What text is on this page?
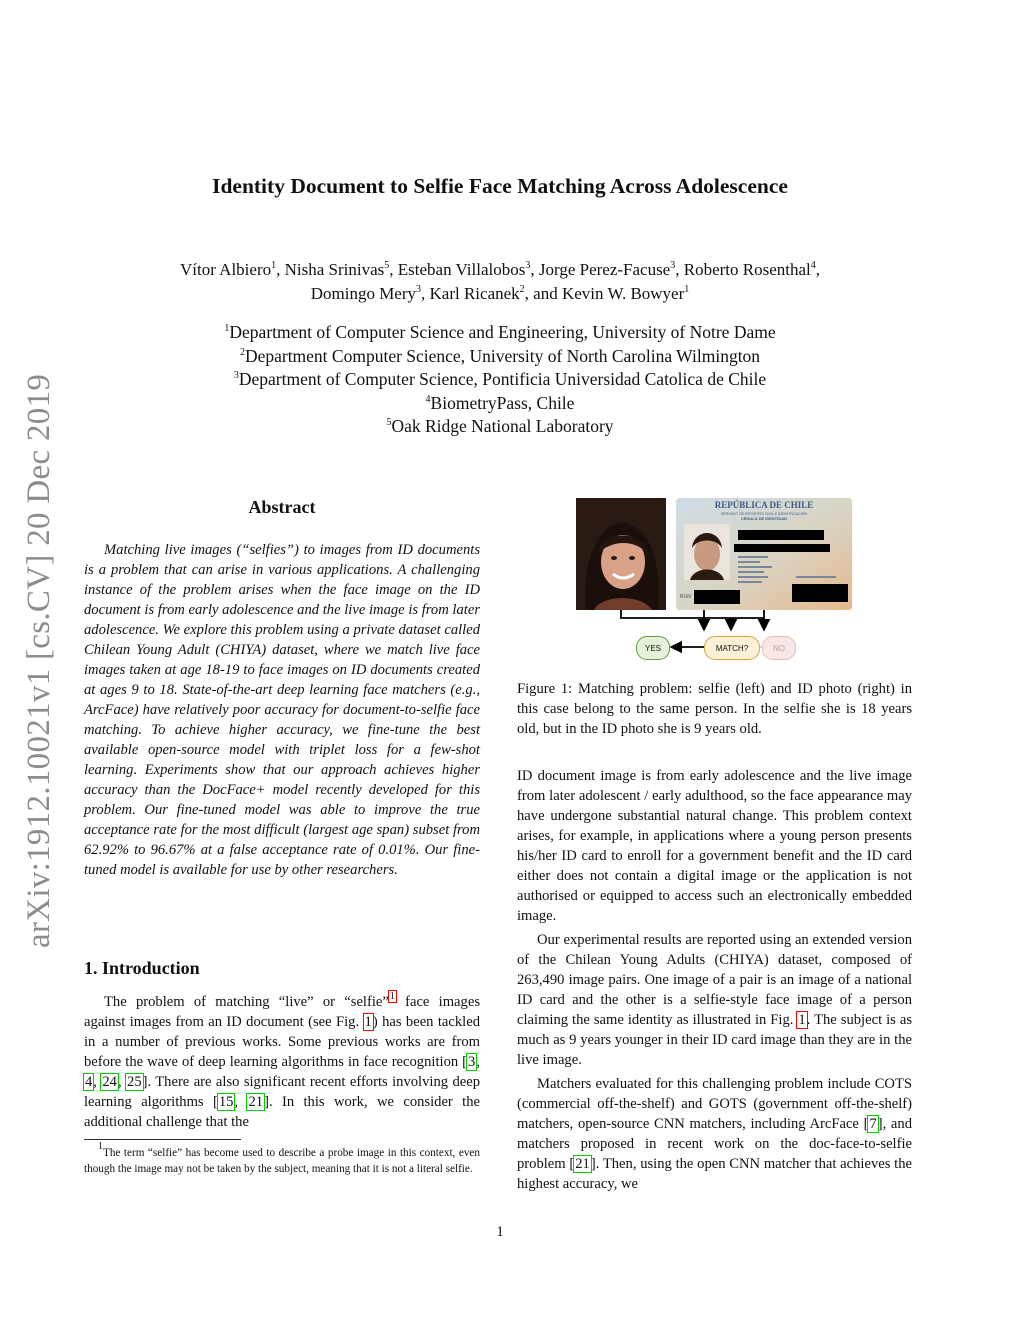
arXiv:1912.10021v1 [cs.CV] 20 Dec 2019
Identity Document to Selfie Face Matching Across Adolescence
Vítor Albiero$^1$, Nisha Srinivas$^5$, Esteban Villalobos$^3$, Jorge Perez-Facuse$^3$, Roberto Rosenthal$^4$,
Domingo Mery$^3$, Karl Ricanek$^2$, and Kevin W. Bowyer$^1$
$^1$Department of Computer Science and Engineering, University of Notre Dame
$^2$Department Computer Science, University of North Carolina Wilmington
$^3$Department of Computer Science, Pontificia Universidad Catolica de Chile
$^4$BiometryPass, Chile
$^5$Oak Ridge National Laboratory
Abstract

Matching live images (“selfies”) to images from ID documents is a problem that can arise in various applications. A challenging instance of the problem arises when the face image on the ID document is from early adolescence and the live image is from later adolescence. We explore this problem using a private dataset called Chilean Young Adult (CHIYA) dataset, where we match live face images taken at age 18-19 to face images on ID documents created at ages 9 to 18. State-of-the-art deep learning face matchers (e.g., ArcFace) have relatively poor accuracy for document-to-selfie face matching. To achieve higher accuracy, we fine-tune the best available open-source model with triplet loss for a few-shot learning. Experiments show that our approach achieves higher accuracy than the DocFace+ model recently developed for this problem. Our fine-tuned model was able to improve the true acceptance rate for the most difficult (largest age span) subset from 62.92% to 96.67% at a false acceptance rate of 0.01%. Our fine-tuned model is available for use by other researchers.

1. Introduction

The problem of matching “live” or “selfie”$^1$ face images against images from an ID document (see Fig. 1) has been tackled in a number of previous works. Some previous works are from before the wave of deep learning algorithms in face recognition [3, 4, 24, 25]. There are also significant recent efforts involving deep learning algorithms [15, 21]. In this work, we consider the additional challenge that the

$^1$The term “selfie” has become used to describe a probe image in this context, even though the image may not be taken by the subject, meaning that it is not a literal selfie.

REPÚBLICA DE CHILE
SERVICIO DE REGISTRO CIVIL E IDENTIFICACIÓN
CÉDULA DE IDENTIDAD
RUN
YES	MATCH?	NO

Figure 1: Matching problem: selfie (left) and ID photo (right) in this case belong to the same person. In the selfie she is 18 years old, but in the ID photo she is 9 years old.

ID document image is from early adolescence and the live image from later adolescent / early adulthood, so the face appearance may have undergone substantial natural change. This problem context arises, for example, in applications where a young person presents his/her ID card to enroll for a government benefit and the ID card either does not contain a digital image or the application is not authorised or equipped to access such an electronically embedded image.

Our experimental results are reported using an extended version of the Chilean Young Adults (CHIYA) dataset, composed of 263,490 image pairs. One image of a pair is an image of a national ID card and the other is a selfie-style face image of a person claiming the same identity as illustrated in Fig. 1. The subject is as much as 9 years younger in their ID card image than they are in the live image.

Matchers evaluated for this challenging problem include COTS (commercial off-the-shelf) and GOTS (government off-the-shelf) matchers, open-source CNN matchers, including ArcFace [7], and matchers proposed in recent work on the doc-face-to-selfie problem [21]. Then, using the open CNN matcher that achieves the highest accuracy, we

1
